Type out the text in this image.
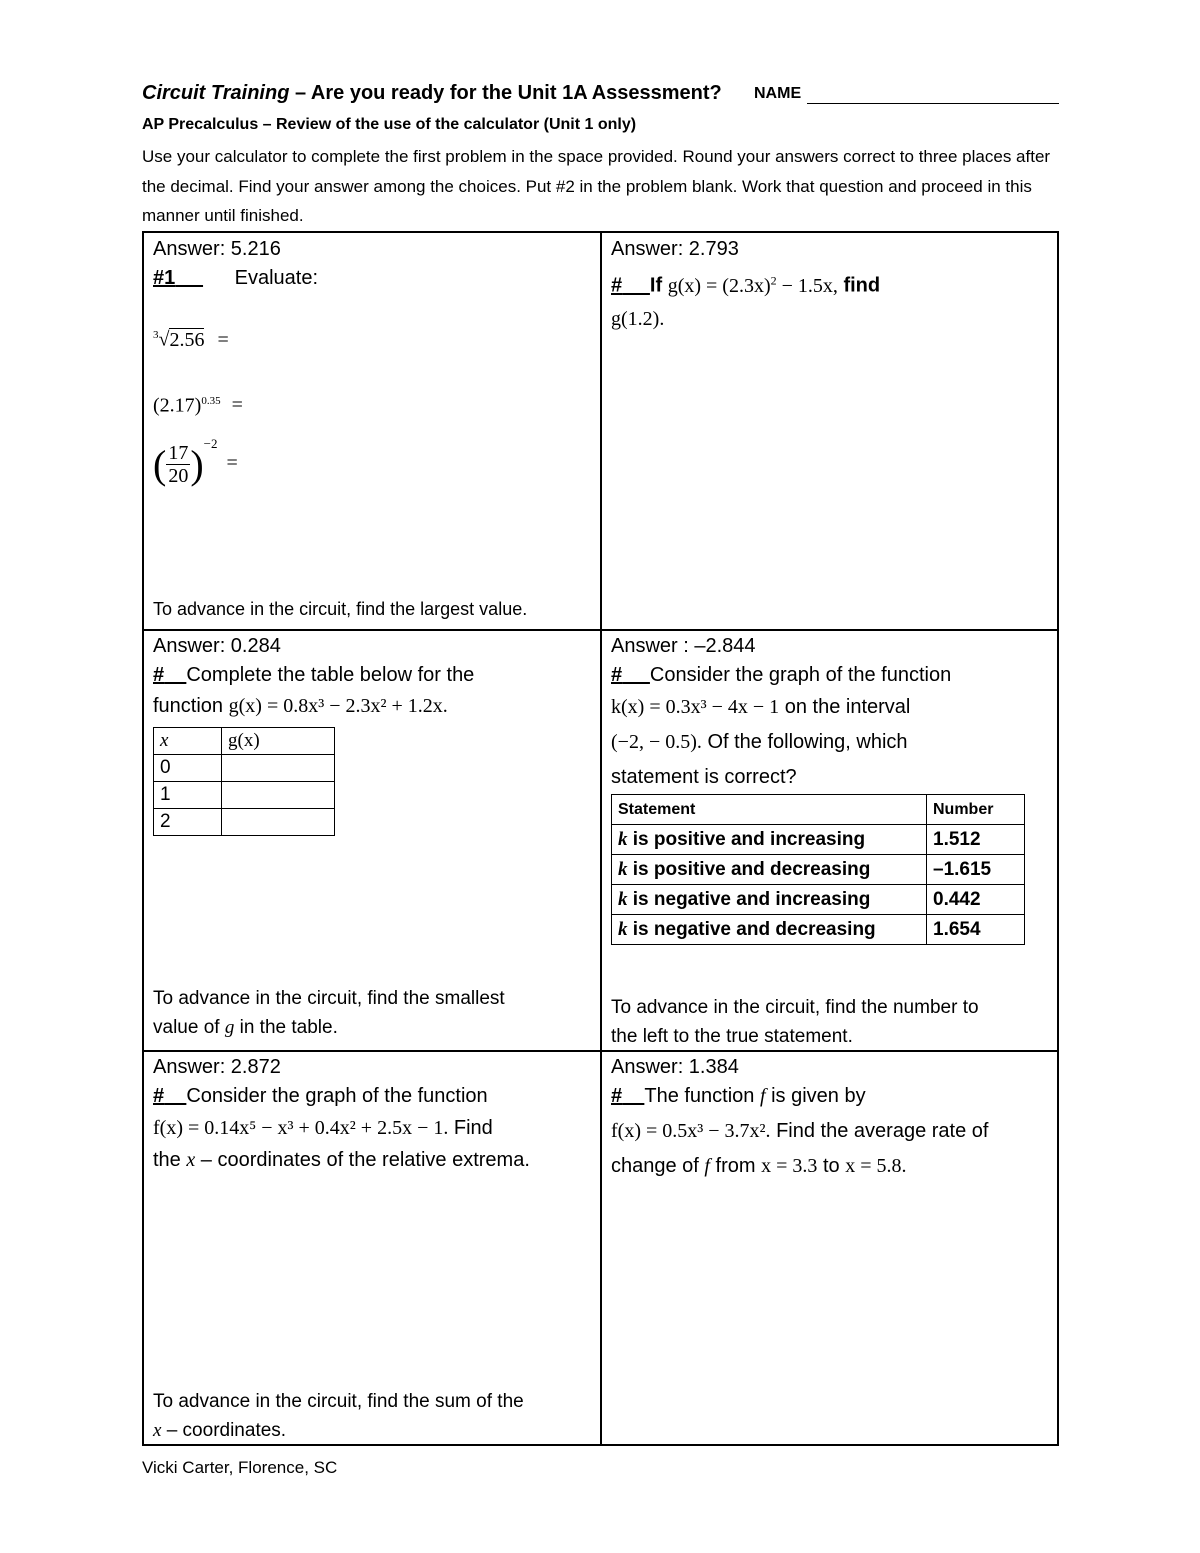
Circuit Training – Are you ready for the Unit 1A Assessment? NAME
AP Precalculus – Review of the use of the calculator (Unit 1 only)
Use your calculator to complete the first problem in the space provided. Round your answers correct to three places after the decimal. Find your answer among the choices. Put #2 in the problem blank. Work that question and proceed in this manner until finished.
Answer: 5.216
#1	Evaluate:
$^3$√2.56 =
$(2.17)^{0.35}$ =
( $\frac{17}{20} )^{-2}$ =
To advance in the circuit, find the largest value.
Answer: 2.793
# If $g(x) = (2.3x)^2 - 1.5x$, find
g(1.2).
Answer: 0.284
# Complete the table below for the
function g(x) = 0.8x³ − 2.3x² + 1.2x.
x	g(x)
0	
1	
2	
To advance in the circuit, find the smallest
value of g in the table.
Answer : –2.844
# Consider the graph of the function
k(x) = 0.3x³ − 4x − 1 on the interval
(−2, − 0.5). Of the following, which
statement is correct?
Statement	Number
k is positive and increasing	1.512
k is positive and decreasing	–1.615
k is negative and increasing	0.442
k is negative and decreasing	1.654
To advance in the circuit, find the number to
the left to the true statement.
Answer: 2.872
# Consider the graph of the function
f(x) = 0.14x⁵ − x³ + 0.4x² + 2.5x − 1. Find
the x – coordinates of the relative extrema.
To advance in the circuit, find the sum of the
x – coordinates.
Answer: 1.384
# The function f is given by
f(x) = 0.5x³ − 3.7x². Find the average rate of
change of f from x = 3.3 to x = 5.8.
Vicki Carter, Florence, SC
